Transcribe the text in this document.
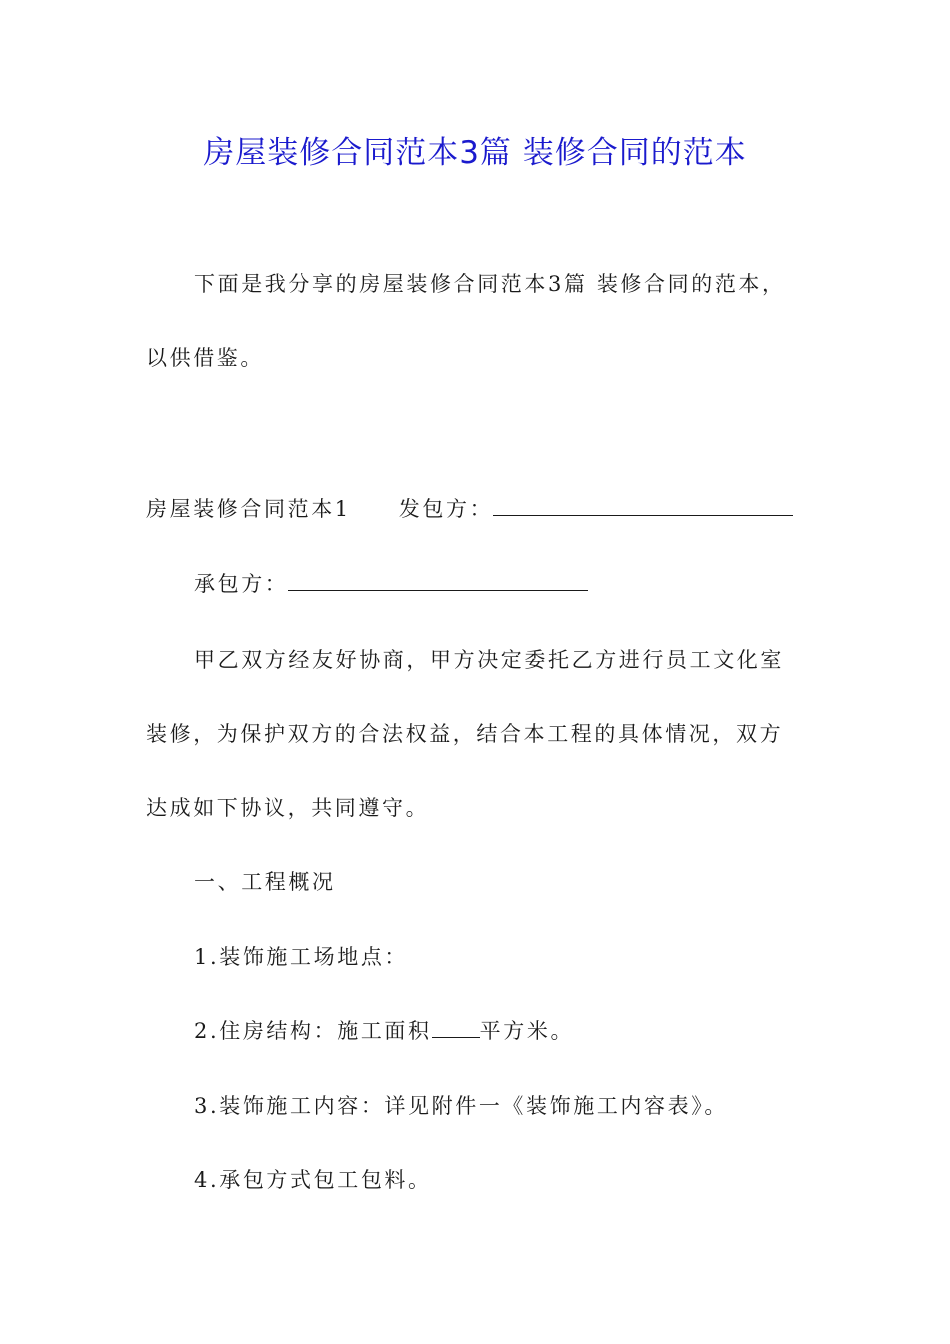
房屋装修合同范本3篇 装修合同的范本
下面是我分享的房屋装修合同范本3篇 装修合同的范本，
以供借鉴。
房屋装修合同范本1 发包方：
承包方：
甲乙双方经友好协商，甲方决定委托乙方进行员工文化室
装修，为保护双方的合法权益，结合本工程的具体情况，双方
达成如下协议，共同遵守。
一、工程概况
1.装饰施工场地点：
2.住房结构：施工面积 平方米。
3.装饰施工内容：详见附件一《装饰施工内容表》。
4.承包方式包工包料。
